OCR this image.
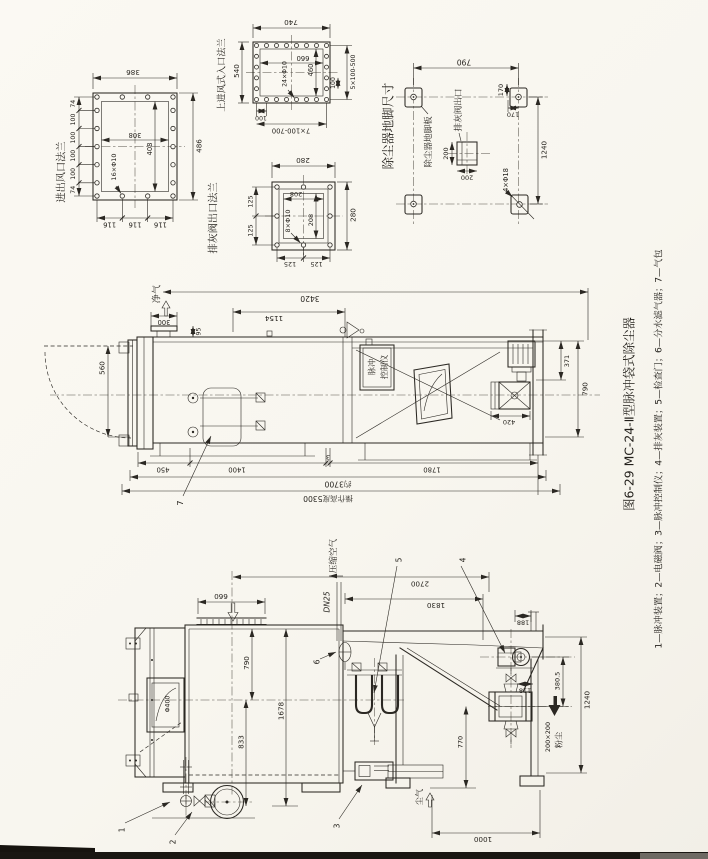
进出风口法兰
386
486
74
100
100
100
100
74
308
408
16×Φ10
116 116 116
上进风式入口法兰
740
540
660
460
24×Φ10
100
7×100-700
100 5×100-500
排灰阀出口法兰
280
280
125
125
125 125
208
208
8×Φ10
除尘器地脚尺寸
790
1240
170
170
排灰阀出口
200
200
除尘器地脚板
4×Φ18
7
300
净气	3420
1154
95
560
420
371
790
脉冲 控制仪
450	1400
3
1780
约3700
操作高度5300
Φ400
660
790
1678
833
压缩空气
DN25
6
5	4
2700
1830
188
118
200×200 粉尘
380.5
1240
770
尘气
1000
3
1
2
图6-29 MC-24-Ⅱ型脉冲袋式除尘器 1—脉冲装置；2—电磁阀；3—脉冲控制仪；4—排灰装置；5—检查门；6—分水滤气器；7—气包
